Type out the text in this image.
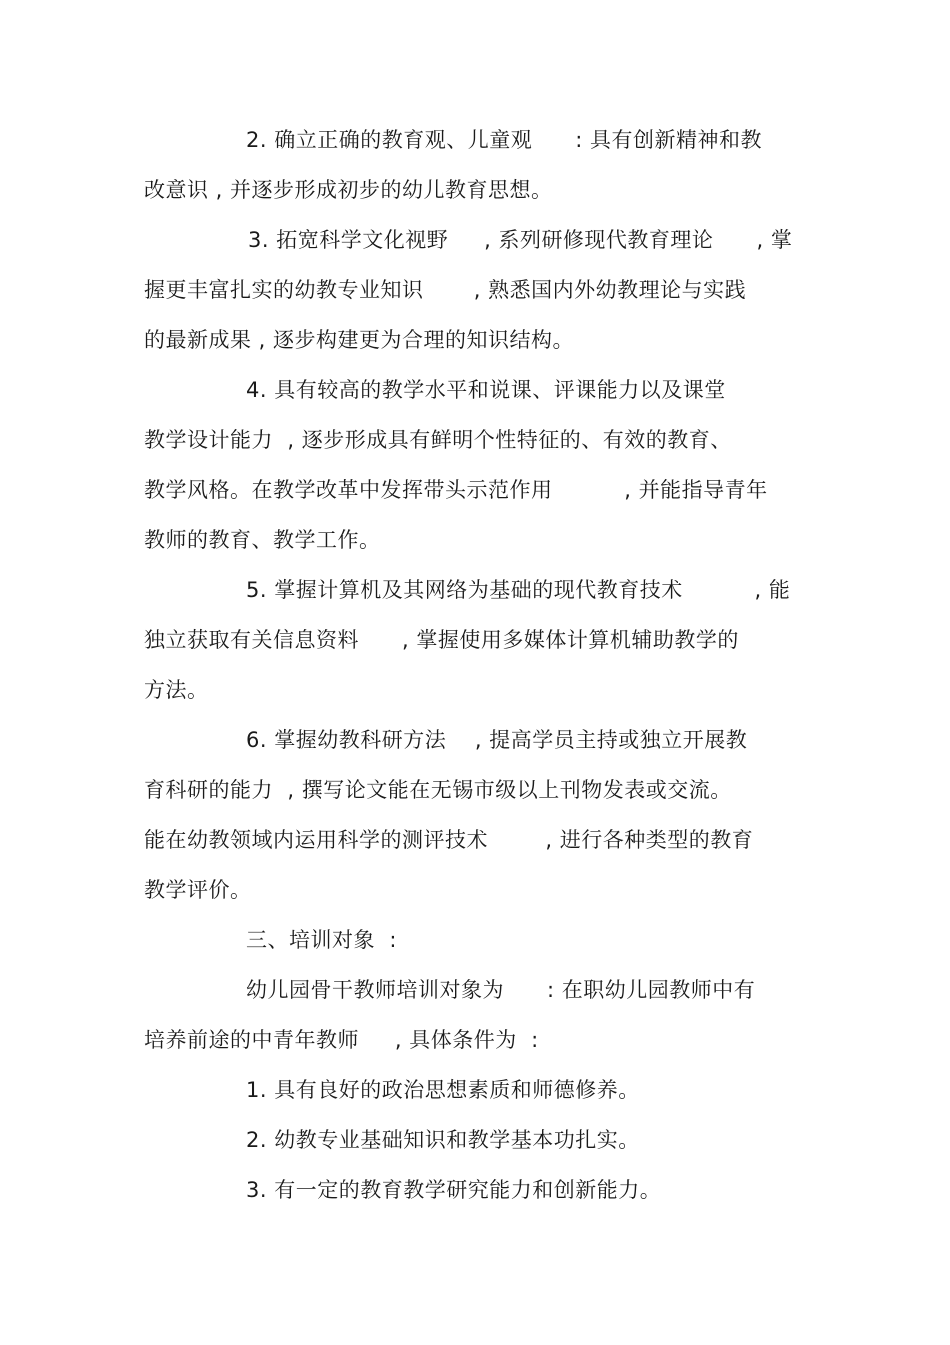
2. 确立正确的教育观、儿童观      : 具有创新精神和教
改意识 , 并逐步形成初步的幼儿教育思想。
3. 拓宽科学文化视野     , 系列研修现代教育理论      , 掌
握更丰富扎实的幼教专业知识       , 熟悉国内外幼教理论与实践
的最新成果 , 逐步构建更为合理的知识结构。
4. 具有较高的教学水平和说课、评课能力以及课堂
教学设计能力  , 逐步形成具有鲜明个性特征的、有效的教育、
教学风格。在教学改革中发挥带头示范作用          , 并能指导青年
教师的教育、教学工作。
5. 掌握计算机及其网络为基础的现代教育技术          , 能
独立获取有关信息资料      , 掌握使用多媒体计算机辅助教学的
方法。
6. 掌握幼教科研方法    , 提高学员主持或独立开展教
育科研的能力  , 撰写论文能在无锡市级以上刊物发表或交流。
能在幼教领域内运用科学的测评技术        , 进行各种类型的教育
教学评价。
三、培训对象  :
幼儿园骨干教师培训对象为      : 在职幼儿园教师中有
培养前途的中青年教师     , 具体条件为  :
1. 具有良好的政治思想素质和师德修养。
2. 幼教专业基础知识和教学基本功扎实。
3. 有一定的教育教学研究能力和创新能力。
